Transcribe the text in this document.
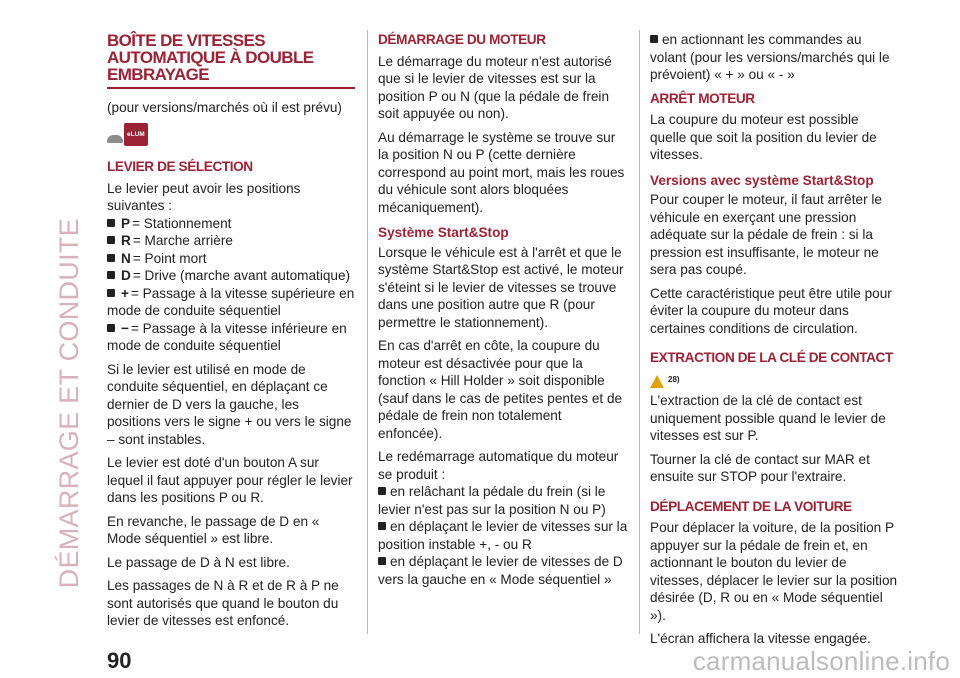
DÉMARRAGE ET CONDUITE
BOÎTE DE VITESSES
AUTOMATIQUE À DOUBLE
EMBRAYAGE

(pour versions/marchés où il est prévu)

eLUM
LEVIER DE SÉLECTION

Le levier peut avoir les positions suivantes :

P = Stationnement
R = Marche arrière
N = Point mort
D = Drive (marche avant automatique)
+ = Passage à la vitesse supérieure en mode de conduite séquentiel
− = Passage à la vitesse inférieure en mode de conduite séquentiel

Si le levier est utilisé en mode de conduite séquentiel, en déplaçant ce dernier de D vers la gauche, les positions vers le signe + ou vers le signe – sont instables.

Le levier est doté d'un bouton A sur lequel il faut appuyer pour régler le levier dans les positions P ou R.

En revanche, le passage de D en « Mode séquentiel » est libre.

Le passage de D à N est libre.

Les passages de N à R et de R à P ne sont autorisés que quand le bouton du levier de vitesses est enfoncé.

DÉMARRAGE DU MOTEUR

Le démarrage du moteur n'est autorisé que si le levier de vitesses est sur la position P ou N (que la pédale de frein soit appuyée ou non).

Au démarrage le système se trouve sur la position N ou P (cette dernière correspond au point mort, mais les roues du véhicule sont alors bloquées mécaniquement).

Système Start&Stop

Lorsque le véhicule est à l'arrêt et que le système Start&Stop est activé, le moteur s'éteint si le levier de vitesses se trouve dans une position autre que R (pour permettre le stationnement).

En cas d'arrêt en côte, la coupure du moteur est désactivée pour que la fonction « Hill Holder » soit disponible (sauf dans le cas de petites pentes et de pédale de frein non totalement enfoncée).

Le redémarrage automatique du moteur se produit :

en relâchant la pédale du frein (si le levier n'est pas sur la position N ou P)
en déplaçant le levier de vitesses sur la position instable +, - ou R
en déplaçant le levier de vitesses de D vers la gauche en « Mode séquentiel »
en actionnant les commandes au volant (pour les versions/marchés qui le prévoient) « + » ou « - »
ARRÊT MOTEUR

La coupure du moteur est possible quelle que soit la position du levier de vitesses.

Versions avec système Start&Stop

Pour couper le moteur, il faut arrêter le véhicule en exerçant une pression adéquate sur la pédale de frein : si la pression est insuffisante, le moteur ne sera pas coupé.

Cette caractéristique peut être utile pour éviter la coupure du moteur dans certaines conditions de circulation.

EXTRACTION DE LA CLÉ DE CONTACT
28)

L'extraction de la clé de contact est uniquement possible quand le levier de vitesses est sur P.

Tourner la clé de contact sur MAR et ensuite sur STOP pour l'extraire.

DÉPLACEMENT DE LA VOITURE

Pour déplacer la voiture, de la position P appuyer sur la pédale de frein et, en actionnant le bouton du levier de vitesses, déplacer le levier sur la position désirée (D, R ou en « Mode séquentiel »).

L'écran affichera la vitesse engagée.

90	carmanualsonline.info
